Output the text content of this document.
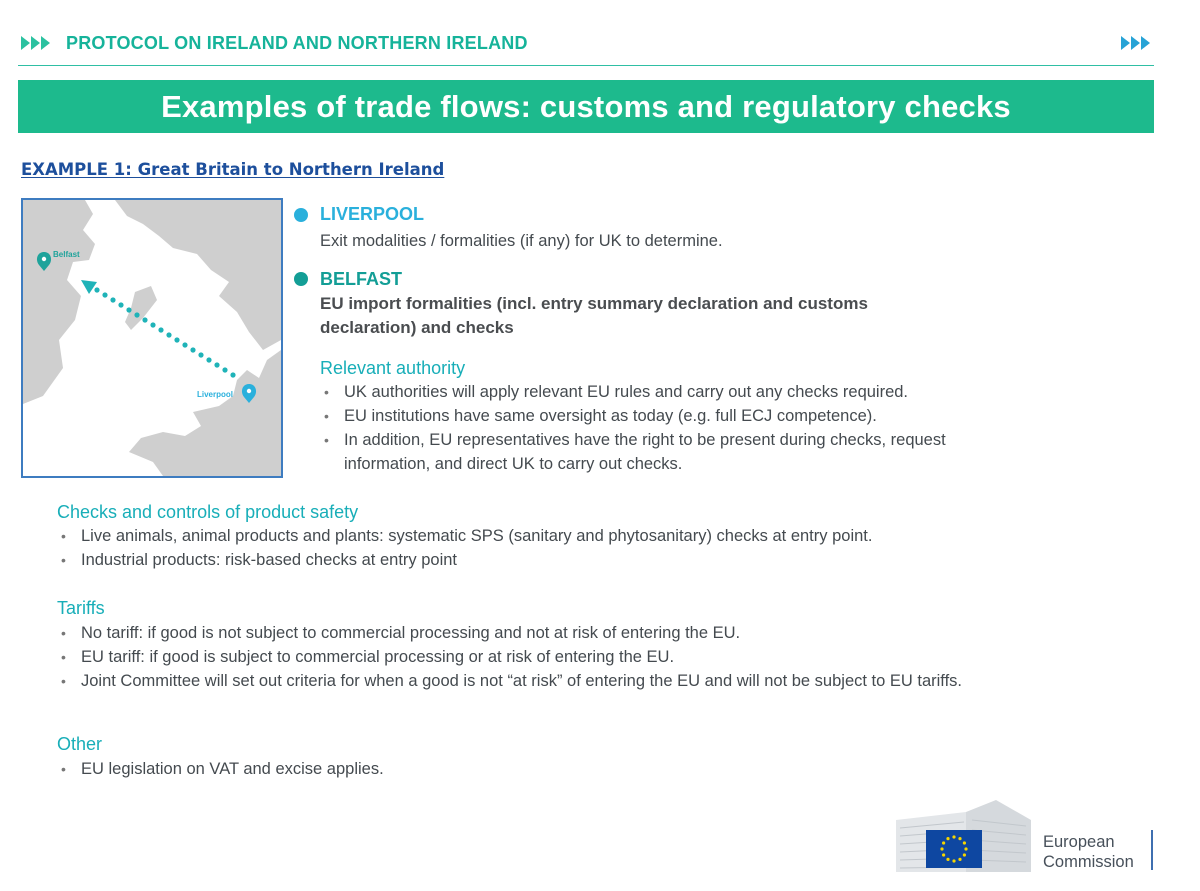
PROTOCOL ON IRELAND AND NORTHERN IRELAND
Examples of trade flows: customs and regulatory checks
EXAMPLE 1: Great Britain to Northern Ireland
Belfast
Liverpool
LIVERPOOL
Exit modalities / formalities (if any) for UK to determine.
BELFAST
EU import formalities (incl. entry summary declaration and customs
declaration) and checks
Relevant authority
• UK authorities will apply relevant EU rules and carry out any checks required.
• EU institutions have same oversight as today (e.g. full ECJ competence).
• In addition, EU representatives have the right to be present during checks, request information, and direct UK to carry out checks.
Checks and controls of product safety
• Live animals, animal products and plants: systematic SPS (sanitary and phytosanitary) checks at entry point.
• Industrial products: risk-based checks at entry point
Tariffs
• No tariff: if good is not subject to commercial processing and not at risk of entering the EU.
• EU tariff: if good is subject to commercial processing or at risk of entering the EU.
• Joint Committee will set out criteria for when a good is not “at risk” of entering the EU and will not be subject to EU tariffs.
Other
• EU legislation on VAT and excise applies.
European
Commission
